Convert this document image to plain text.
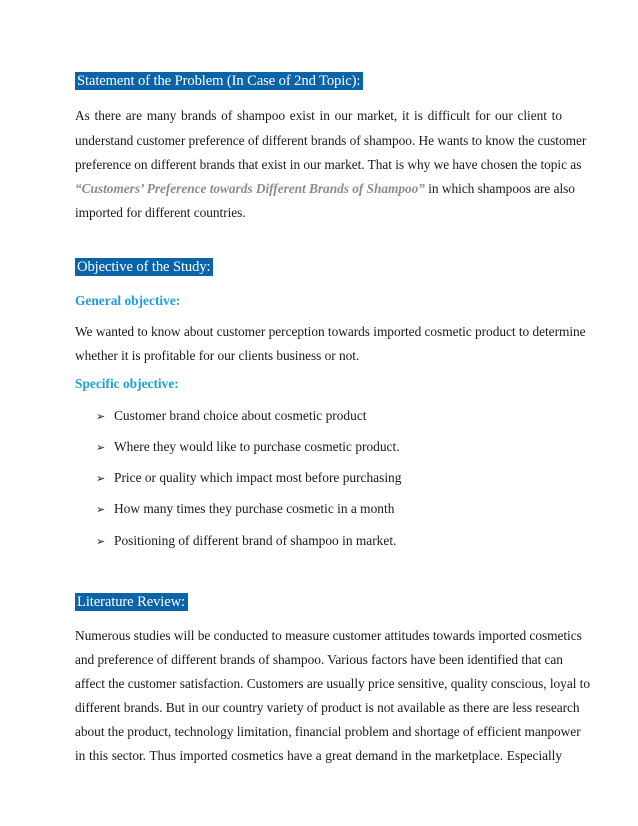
Statement of the Problem (In Case of 2nd Topic):
As there are many brands of shampoo exist in our market, it is difficult for our client to
understand customer preference of different brands of shampoo. He wants to know the customer
preference on different brands that exist in our market. That is why we have chosen the topic as
“Customers’ Preference towards Different Brands of Shampoo” in which shampoos are also
imported for different countries.
Objective of the Study:
General objective:
We wanted to know about customer perception towards imported cosmetic product to determine
whether it is profitable for our clients business or not.
Specific objective:
➢ Customer brand choice about cosmetic product
➢ Where they would like to purchase cosmetic product.
➢ Price or quality which impact most before purchasing
➢ How many times they purchase cosmetic in a month
➢ Positioning of different brand of shampoo in market.
Literature Review:
Numerous studies will be conducted to measure customer attitudes towards imported cosmetics
and preference of different brands of shampoo. Various factors have been identified that can
affect the customer satisfaction. Customers are usually price sensitive, quality conscious, loyal to
different brands. But in our country variety of product is not available as there are less research
about the product, technology limitation, financial problem and shortage of efficient manpower
in this sector. Thus imported cosmetics have a great demand in the marketplace. Especially
